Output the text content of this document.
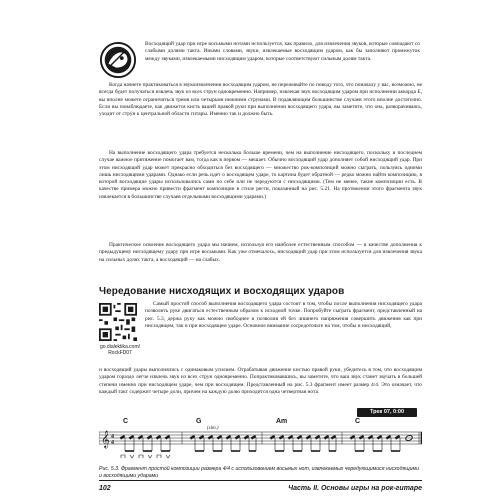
Восходящий удар при игре восьмыми нотами используется, как правило, для извлечения звуков, которые совпадают со слабыми долями такта. Иными словами, звуки, извлекаемые восходящим ударом, как бы заполняют промежуток между звуками, извлекаемыми нисходящим ударом, которые соответствуют сильным долям такта.

Когда начнете практиковаться в звукоизвлечении восходящим ударом, не переживайте по поводу того, что поначалу у вас, возможно, не всегда будет получаться извлечь звук из всех струн одновременно. Например, извлекая звук восходящим ударом при исполнении аккорда E, вы вполне можете ограничиться тремя или четырьмя нижними струнами. В подавляющем большинстве случаев этого вполне достаточно. Если вы понаблюдаете, как движется кисть вашей правой руки при выполнении восходящего удара, вы заметите, что она, разворачиваясь, уходит от струн к центральной области гитары. Именно так и должно быть.

На выполнение восходящего удара требуется несколько больше времени, чем на выполнение нисходящего, поскольку в последнем случае важное притяжение помогает вам, тогда как в первом — мешает. Обычно восходящий удар дополняет собой нисходящий удар. При этом нисходящий удар может прекрасно обходиться без восходящего — множество рок-композиций можно сыграть, пользуясь одними лишь нисходящими ударами. Однако если речь идет о восходящем ударе, то картина будет обратной — редко можно найти композицию, в которой восходящие удары использовались сами по себе или не чередуются с нисходящими. (Тем не менее, такие композиции есть. В качестве примера можно привести фрагмент композиции в стиле регги, показанный на рис. 5.21. На протяжении этого фрагмента звук извлекается в большинстве случаев отдельными восходящими ударами.)

Практическое освоение восходящего удара мы начнем, используя его наиболее естественным способом — в качестве дополнения к предыдущему нисходящему удару при игре восьмыми. Как уже отмечалось, нисходящий удар при этом используется для извлечения звука на сильных долях такта, а восходящий — на слабых.

Чередование нисходящих и восходящих ударов
go.dialektika.com/
RockFD07

Самый простой способ выполнения восходящего удара состоит в том, чтобы после выполнения нисходящего удара позволить руке двигаться естественным образом к исходной точке. Попробуйте сыграть фрагмент, представленный на рис. 5.3, держа руку как можно свободнее и позволив ей без лишнего напряжения совершить движения как при нисходящем, так и при восходящем ударе. Основное внимание сосредоточьте на том, чтобы и нисходящий,

и восходящий удары выполнялись с одинаковым усилием. Отрабатывая движение кистью правой руки, убедитесь в том, что восходящим ударом гораздо легче извлечь звук из всех струн одновременно. Попрактиковавшись, вы заметите, что ваш звук станет звучать в большей степени именно при нисходящем ударе, чем при восходящем. Представленный на рис. 5.3 фрагмент имеет размер 4/4. Это означает, что каждый такт содержит четыре доли, причем на каждую долю приходится одна четвертная нота.

Трек 07, 0:00
𝄞 4
4
C	G	Am	C
(sim.)

Рис. 5.3. Фрагмент простой композиции размера 4/4 с использованием восьмых нот, извлекаемых чередующимися нисходящими и восходящими ударами

102	Часть II. Основы игры на рок-гитаре
